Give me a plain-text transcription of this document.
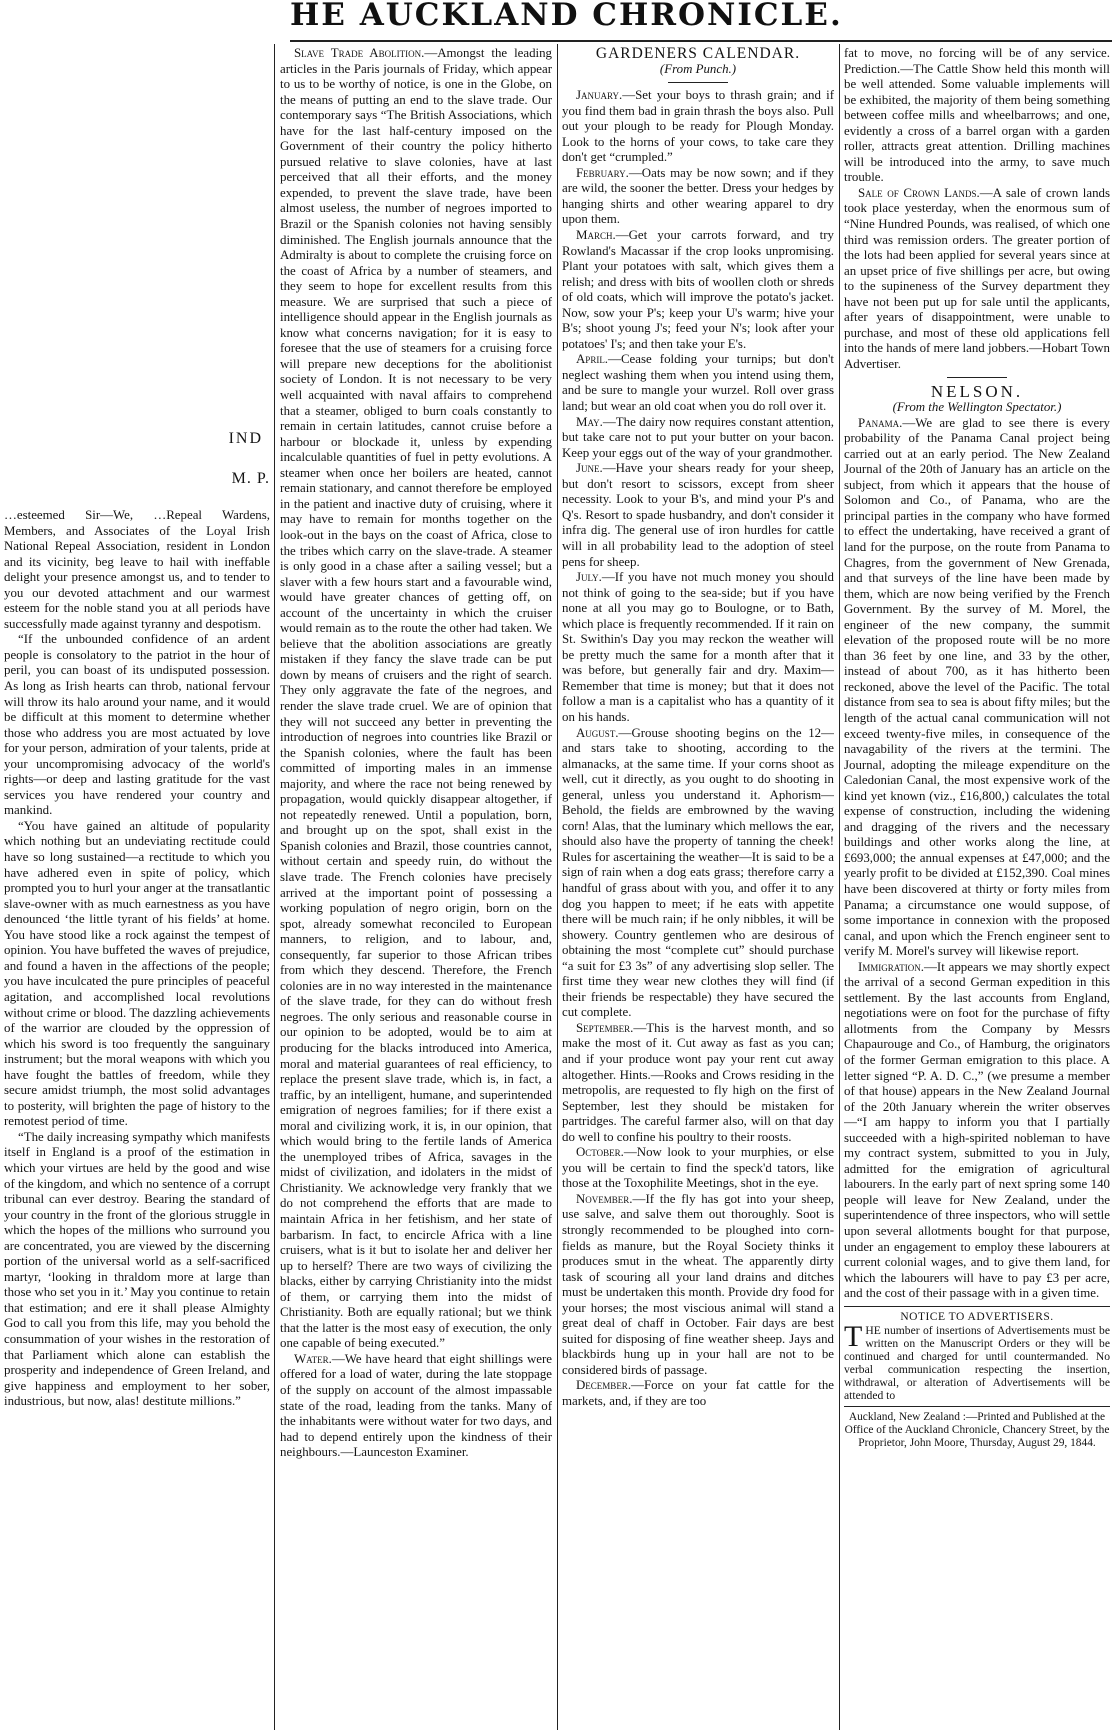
HE AUCKLAND CHRONICLE.
IND
M. P.

…esteemed Sir—We, …Repeal Wardens, Members, and Associates of the Loyal Irish National Repeal Association, resident in London and its vicinity, beg leave to hail with ineffable delight your presence amongst us, and to tender to you our devoted attachment and our warmest esteem for the noble stand you at all periods have successfully made against tyranny and despotism.

“If the unbounded confidence of an ardent people is consolatory to the patriot in the hour of peril, you can boast of its undisputed possession. As long as Irish hearts can throb, national fervour will throw its halo around your name, and it would be difficult at this moment to determine whether those who address you are most actuated by love for your person, admiration of your talents, pride at your uncompromising advocacy of the world's rights—or deep and lasting gratitude for the vast services you have rendered your country and mankind.

“You have gained an altitude of popularity which nothing but an undeviating rectitude could have so long sustained—a rectitude to which you have adhered even in spite of policy, which prompted you to hurl your anger at the transatlantic slave-owner with as much earnestness as you have denounced ‘the little tyrant of his fields’ at home. You have stood like a rock against the tempest of opinion. You have buffeted the waves of prejudice, and found a haven in the affections of the people; you have inculcated the pure principles of peaceful agitation, and accomplished local revolutions without crime or blood. The dazzling achievements of the warrior are clouded by the oppression of which his sword is too frequently the sanguinary instrument; but the moral weapons with which you have fought the battles of freedom, while they secure amidst triumph, the most solid advantages to posterity, will brighten the page of history to the remotest period of time.

“The daily increasing sympathy which manifests itself in England is a proof of the estimation in which your virtues are held by the good and wise of the kingdom, and which no sentence of a corrupt tribunal can ever destroy. Bearing the standard of your country in the front of the glorious struggle in which the hopes of the millions who surround you are concentrated, you are viewed by the discerning portion of the universal world as a self-sacrificed martyr, ‘looking in thraldom more at large than those who set you in it.’ May you continue to retain that estimation; and ere it shall please Almighty God to call you from this life, may you behold the consummation of your wishes in the restoration of that Parliament which alone can establish the prosperity and independence of Green Ireland, and give happiness and employment to her sober, industrious, but now, alas! destitute millions.”

Slave Trade Abolition.—Amongst the leading articles in the Paris journals of Friday, which appear to us to be worthy of notice, is one in the Globe, on the means of putting an end to the slave trade. Our contemporary says “The British Associations, which have for the last half-century imposed on the Government of their country the policy hitherto pursued relative to slave colonies, have at last perceived that all their efforts, and the money expended, to prevent the slave trade, have been almost useless, the number of negroes imported to Brazil or the Spanish colonies not having sensibly diminished. The English journals announce that the Admiralty is about to complete the cruising force on the coast of Africa by a number of steamers, and they seem to hope for excellent results from this measure. We are surprised that such a piece of intelligence should appear in the English journals as know what concerns navigation; for it is easy to foresee that the use of steamers for a cruising force will prepare new deceptions for the abolitionist society of London. It is not necessary to be very well acquainted with naval affairs to comprehend that a steamer, obliged to burn coals constantly to remain in certain latitudes, cannot cruise before a harbour or blockade it, unless by expending incalculable quantities of fuel in petty evolutions. A steamer when once her boilers are heated, cannot remain stationary, and cannot therefore be employed in the patient and inactive duty of cruising, where it may have to remain for months together on the look-out in the bays on the coast of Africa, close to the tribes which carry on the slave-trade. A steamer is only good in a chase after a sailing vessel; but a slaver with a few hours start and a favourable wind, would have greater chances of getting off, on account of the uncertainty in which the cruiser would remain as to the route the other had taken. We believe that the abolition associations are greatly mistaken if they fancy the slave trade can be put down by means of cruisers and the right of search. They only aggravate the fate of the negroes, and render the slave trade cruel. We are of opinion that they will not succeed any better in preventing the introduction of negroes into countries like Brazil or the Spanish colonies, where the fault has been committed of importing males in an immense majority, and where the race not being renewed by propagation, would quickly disappear altogether, if not repeatedly renewed. Until a population, born, and brought up on the spot, shall exist in the Spanish colonies and Brazil, those countries cannot, without certain and speedy ruin, do without the slave trade. The French colonies have precisely arrived at the important point of possessing a working population of negro origin, born on the spot, already somewhat reconciled to European manners, to religion, and to labour, and, consequently, far superior to those African tribes from which they descend. Therefore, the French colonies are in no way interested in the maintenance of the slave trade, for they can do without fresh negroes. The only serious and reasonable course in our opinion to be adopted, would be to aim at producing for the blacks introduced into America, moral and material guarantees of real efficiency, to replace the present slave trade, which is, in fact, a traffic, by an intelligent, humane, and superintended emigration of negroes families; for if there exist a moral and civilizing work, it is, in our opinion, that which would bring to the fertile lands of America the unemployed tribes of Africa, savages in the midst of civilization, and idolaters in the midst of Christianity. We acknowledge very frankly that we do not comprehend the efforts that are made to maintain Africa in her fetishism, and her state of barbarism. In fact, to encircle Africa with a line cruisers, what is it but to isolate her and deliver her up to herself? There are two ways of civilizing the blacks, either by carrying Christianity into the midst of them, or carrying them into the midst of Christianity. Both are equally rational; but we think that the latter is the most easy of execution, the only one capable of being executed.”

Water.—We have heard that eight shillings were offered for a load of water, during the late stoppage of the supply on account of the almost impassable state of the road, leading from the tanks. Many of the inhabitants were without water for two days, and had to depend entirely upon the kindness of their neighbours.—Launceston Examiner.

GARDENERS CALENDAR.

(From Punch.)

January.—Set your boys to thrash grain; and if you find them bad in grain thrash the boys also. Pull out your plough to be ready for Plough Monday. Look to the horns of your cows, to take care they don't get “crumpled.”

February.—Oats may be now sown; and if they are wild, the sooner the better. Dress your hedges by hanging shirts and other wearing apparel to dry upon them.

March.—Get your carrots forward, and try Rowland's Macassar if the crop looks unpromising. Plant your potatoes with salt, which gives them a relish; and dress with bits of woollen cloth or shreds of old coats, which will improve the potato's jacket. Now, sow your P's; keep your U's warm; hive your B's; shoot young J's; feed your N's; look after your potatoes' I's; and then take your E's.

April.—Cease folding your turnips; but don't neglect washing them when you intend using them, and be sure to mangle your wurzel. Roll over grass land; but wear an old coat when you do roll over it.

May.—The dairy now requires constant attention, but take care not to put your butter on your bacon. Keep your eggs out of the way of your grandmother.

June.—Have your shears ready for your sheep, but don't resort to scissors, except from sheer necessity. Look to your B's, and mind your P's and Q's. Resort to spade husbandry, and don't consider it infra dig. The general use of iron hurdles for cattle will in all probability lead to the adoption of steel pens for sheep.

July.—If you have not much money you should not think of going to the sea-side; but if you have none at all you may go to Boulogne, or to Bath, which place is frequently recommended. If it rain on St. Swithin's Day you may reckon the weather will be pretty much the same for a month after that it was before, but generally fair and dry. Maxim—Remember that time is money; but that it does not follow a man is a capitalist who has a quantity of it on his hands.

August.—Grouse shooting begins on the 12—and stars take to shooting, according to the almanacks, at the same time. If your corns shoot as well, cut it directly, as you ought to do shooting in general, unless you understand it. Aphorism—Behold, the fields are embrowned by the waving corn! Alas, that the luminary which mellows the ear, should also have the property of tanning the cheek! Rules for ascertaining the weather—It is said to be a sign of rain when a dog eats grass; therefore carry a handful of grass about with you, and offer it to any dog you happen to meet; if he eats with appetite there will be much rain; if he only nibbles, it will be showery. Country gentlemen who are desirous of obtaining the most “complete cut” should purchase “a suit for £3 3s” of any advertising slop seller. The first time they wear new clothes they will find (if their friends be respectable) they have secured the cut complete.

September.—This is the harvest month, and so make the most of it. Cut away as fast as you can; and if your produce wont pay your rent cut away altogether. Hints.—Rooks and Crows residing in the metropolis, are requested to fly high on the first of September, lest they should be mistaken for partridges. The careful farmer also, will on that day do well to confine his poultry to their roosts.

October.—Now look to your murphies, or else you will be certain to find the speck'd tators, like those at the Toxophilite Meetings, shot in the eye.

November.—If the fly has got into your sheep, use salve, and salve them out thoroughly. Soot is strongly recommended to be ploughed into corn-fields as manure, but the Royal Society thinks it produces smut in the wheat. The apparently dirty task of scouring all your land drains and ditches must be undertaken this month. Provide dry food for your horses; the most viscious animal will stand a great deal of chaff in October. Fair days are best suited for disposing of fine weather sheep. Jays and blackbirds hung up in your hall are not to be considered birds of passage.

December.—Force on your fat cattle for the markets, and, if they are too

fat to move, no forcing will be of any service. Prediction.—The Cattle Show held this month will be well attended. Some valuable implements will be exhibited, the majority of them being something between coffee mills and wheelbarrows; and one, evidently a cross of a barrel organ with a garden roller, attracts great attention. Drilling machines will be introduced into the army, to save much trouble.

Sale of Crown Lands.—A sale of crown lands took place yesterday, when the enormous sum of “Nine Hundred Pounds, was realised, of which one third was remission orders. The greater portion of the lots had been applied for several years since at an upset price of five shillings per acre, but owing to the supineness of the Survey department they have not been put up for sale until the applicants, after years of disappointment, were unable to purchase, and most of these old applications fell into the hands of mere land jobbers.—Hobart Town Advertiser.

NELSON.

(From the Wellington Spectator.)

Panama.—We are glad to see there is every probability of the Panama Canal project being carried out at an early period. The New Zealand Journal of the 20th of January has an article on the subject, from which it appears that the house of Solomon and Co., of Panama, who are the principal parties in the company who have formed to effect the undertaking, have received a grant of land for the purpose, on the route from Panama to Chagres, from the government of New Grenada, and that surveys of the line have been made by them, which are now being verified by the French Government. By the survey of M. Morel, the engineer of the new company, the summit elevation of the proposed route will be no more than 36 feet by one line, and 33 by the other, instead of about 700, as it has hitherto been reckoned, above the level of the Pacific. The total distance from sea to sea is about fifty miles; but the length of the actual canal communication will not exceed twenty-five miles, in consequence of the navagability of the rivers at the termini. The Journal, adopting the mileage expenditure on the Caledonian Canal, the most expensive work of the kind yet known (viz., £16,800,) calculates the total expense of construction, including the widening and dragging of the rivers and the necessary buildings and other works along the line, at £693,000; the annual expenses at £47,000; and the yearly profit to be divided at £152,390. Coal mines have been discovered at thirty or forty miles from Panama; a circumstance one would suppose, of some importance in connexion with the proposed canal, and upon which the French engineer sent to verify M. Morel's survey will likewise report.

Immigration.—It appears we may shortly expect the arrival of a second German expedition in this settlement. By the last accounts from England, negotiations were on foot for the purchase of fifty allotments from the Company by Messrs Chapaurouge and Co., of Hamburg, the originators of the former German emigration to this place. A letter signed “P. A. D. C.,” (we presume a member of that house) appears in the New Zealand Journal of the 20th January wherein the writer observes—“I am happy to inform you that I partially succeeded with a high-spirited nobleman to have my contract system, submitted to you in July, admitted for the emigration of agricultural labourers. In the early part of next spring some 140 people will leave for New Zealand, under the superintendence of three inspectors, who will settle upon several allotments bought for that purpose, under an engagement to employ these labourers at current colonial wages, and to give them land, for which the labourers will have to pay £3 per acre, and the cost of their passage with in a given time.

NOTICE TO ADVERTISERS.

THE number of insertions of Advertisements must be written on the Manuscript Orders or they will be continued and charged for until countermanded. No verbal communication respecting the insertion, withdrawal, or alteration of Advertisements will be attended to

Auckland, New Zealand :—Printed and Published at the Office of the Auckland Chronicle, Chancery Street, by the Proprietor, John Moore, Thursday, August 29, 1844.
